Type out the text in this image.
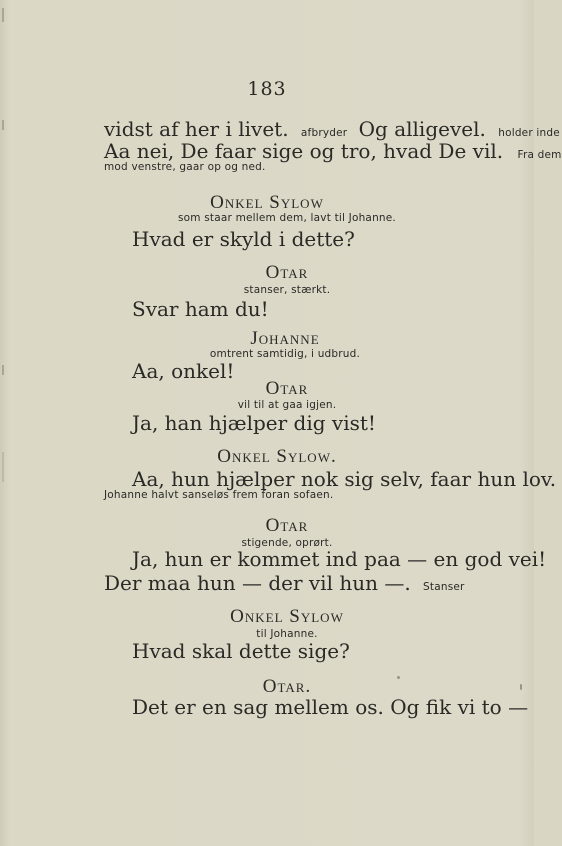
183
vidst af her i livet. afbryder Og alligevel. holder inde
Aa nei, De faar sige og tro, hvad De vil. Fra dem
mod venstre, gaar op og ned.
Onkel Sylow
som staar mellem dem, lavt til Johanne.
Hvad er skyld i dette?
Otar
stanser, stærkt.
Svar ham du!
Johanne
omtrent samtidig, i udbrud.
Aa, onkel!
Otar
vil til at gaa igjen.
Ja, han hjælper dig vist!
Onkel Sylow.
Aa, hun hjælper nok sig selv, faar hun lov.
Johanne halvt sanseløs frem foran sofaen.
Otar
stigende, oprørt.
Ja, hun er kommet ind paa — en god vei!
Der maa hun — der vil hun —. Stanser
Onkel Sylow
til Johanne.
Hvad skal dette sige?
Otar.
Det er en sag mellem os. Og fik vi to —
